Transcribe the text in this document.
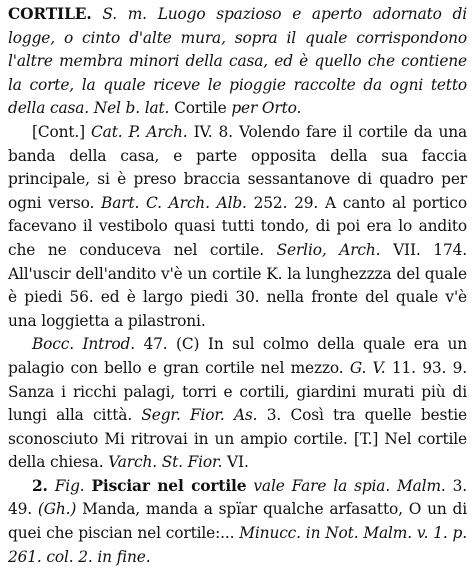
CORTILE. S. m. Luogo spazioso e aperto adornato di logge, o cinto d'alte mura, sopra il quale corrispondono l'altre membra minori della casa, ed è quello che contiene la corte, la quale riceve le pioggie raccolte da ogni tetto della casa. Nel b. lat. Cortile per Orto.

[Cont.] Cat. P. Arch. IV. 8. Volendo fare il cortile da una banda della casa, e parte opposita della sua faccia principale, si è preso braccia sessantanove di quadro per ogni verso. Bart. C. Arch. Alb. 252. 29. A canto al portico facevano il vestibolo quasi tutti tondo, di poi era lo andito che ne conduceva nel cortile. Serlio, Arch. VII. 174. All'uscir dell'andito v'è un cortile K. la lunghezzza del quale è piedi 56. ed è largo piedi 30. nella fronte del quale v'è una loggietta a pilastroni.

Bocc. Introd. 47. (C) In sul colmo della quale era un palagio con bello e gran cortile nel mezzo. G. V. 11. 93. 9. Sanza i ricchi palagi, torri e cortili, giardini murati più di lungi alla città. Segr. Fior. As. 3. Così tra quelle bestie sconosciuto Mi ritrovai in un ampio cortile. [T.] Nel cortile della chiesa. Varch. St. Fior. VI.

2. Fig. Pisciar nel cortile vale Fare la spia. Malm. 3. 49. (Gh.) Manda, manda a spïar qualche arfasatto, O un di quei che piscian nel cortile:... Minucc. in Not. Malm. v. 1. p. 261. col. 2. in fine.
